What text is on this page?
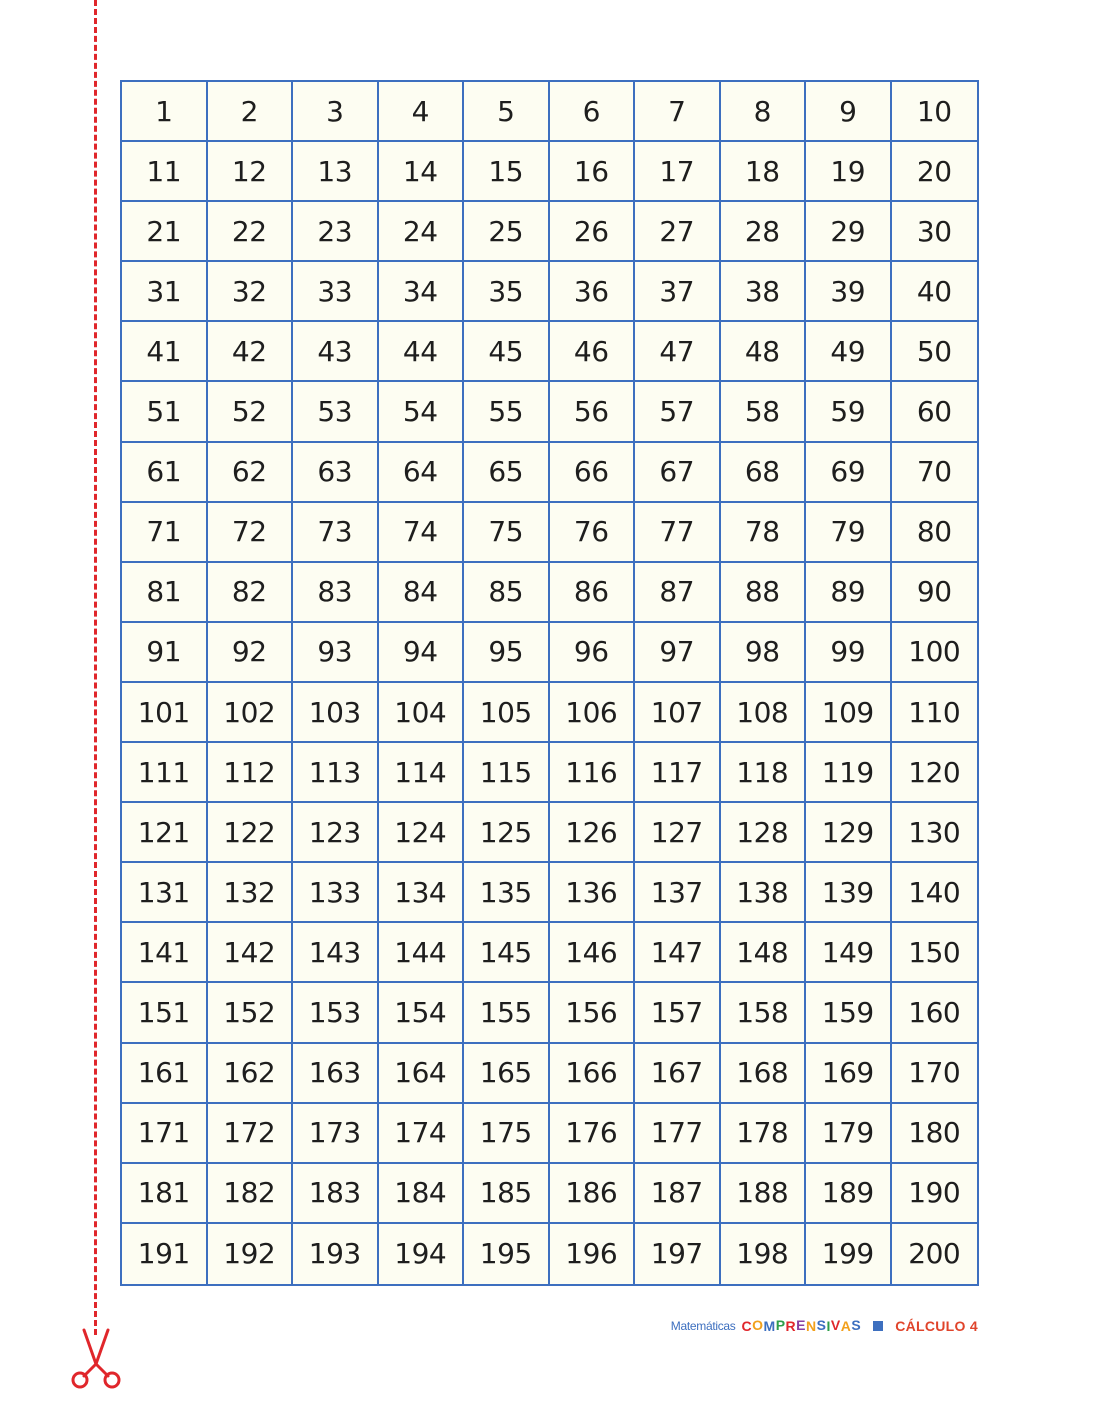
1	2	3	4	5	6	7	8	9	10
11	12	13	14	15	16	17	18	19	20
21	22	23	24	25	26	27	28	29	30
31	32	33	34	35	36	37	38	39	40
41	42	43	44	45	46	47	48	49	50
51	52	53	54	55	56	57	58	59	60
61	62	63	64	65	66	67	68	69	70
71	72	73	74	75	76	77	78	79	80
81	82	83	84	85	86	87	88	89	90
91	92	93	94	95	96	97	98	99	100
101	102	103	104	105	106	107	108	109	110
111	112	113	114	115	116	117	118	119	120
121	122	123	124	125	126	127	128	129	130
131	132	133	134	135	136	137	138	139	140
141	142	143	144	145	146	147	148	149	150
151	152	153	154	155	156	157	158	159	160
161	162	163	164	165	166	167	168	169	170
171	172	173	174	175	176	177	178	179	180
181	182	183	184	185	186	187	188	189	190
191	192	193	194	195	196	197	198	199	200
Matemáticas COMPRENSIVAS CÁLCULO 4
